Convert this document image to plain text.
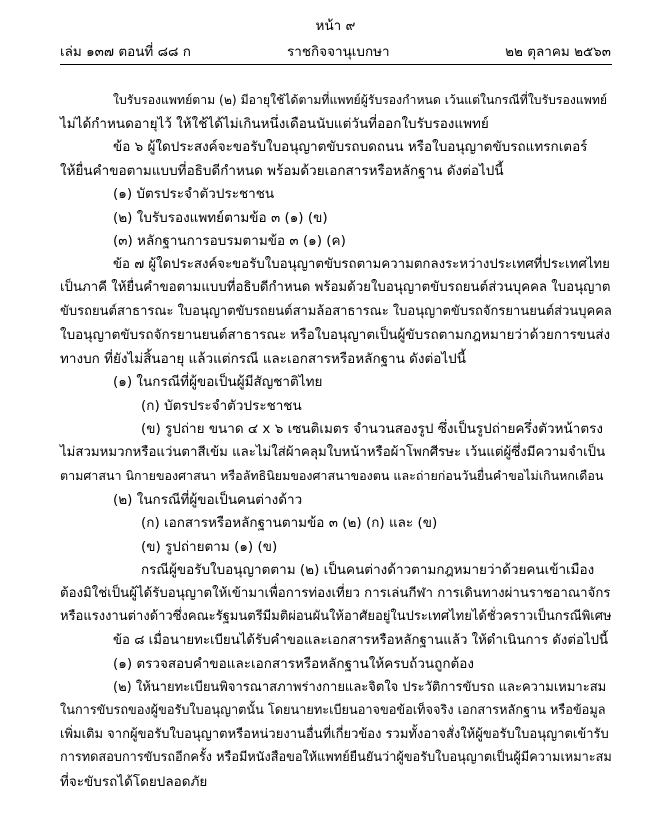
หน้า ๙
เล่ม ๑๓๗ ตอนที่ ๘๘ ก	ราชกิจจานุเบกษา	๒๒ ตุลาคม ๒๕๖๓
ใบรับรองแพทย์ตาม (๒) มีอายุใช้ได้ตามที่แพทย์ผู้รับรองกำหนด เว้นแต่ในกรณีที่ใบรับรองแพทย์
ไม่ได้กำหนดอายุไว้ ให้ใช้ได้ไม่เกินหนึ่งเดือนนับแต่วันที่ออกใบรับรองแพทย์
ข้อ ๖ ผู้ใดประสงค์จะขอรับใบอนุญาตขับรถบดถนน หรือใบอนุญาตขับรถแทรกเตอร์
ให้ยื่นคำขอตามแบบที่อธิบดีกำหนด พร้อมด้วยเอกสารหรือหลักฐาน ดังต่อไปนี้
(๑) บัตรประจำตัวประชาชน
(๒) ใบรับรองแพทย์ตามข้อ ๓ (๑) (ข)
(๓) หลักฐานการอบรมตามข้อ ๓ (๑) (ค)
ข้อ ๗ ผู้ใดประสงค์จะขอรับใบอนุญาตขับรถตามความตกลงระหว่างประเทศที่ประเทศไทย
เป็นภาคี ให้ยื่นคำขอตามแบบที่อธิบดีกำหนด พร้อมด้วยใบอนุญาตขับรถยนต์ส่วนบุคคล ใบอนุญาต
ขับรถยนต์สาธารณะ ใบอนุญาตขับรถยนต์สามล้อสาธารณะ ใบอนุญาตขับรถจักรยานยนต์ส่วนบุคคล
ใบอนุญาตขับรถจักรยานยนต์สาธารณะ หรือใบอนุญาตเป็นผู้ขับรถตามกฎหมายว่าด้วยการขนส่ง
ทางบก ที่ยังไม่สิ้นอายุ แล้วแต่กรณี และเอกสารหรือหลักฐาน ดังต่อไปนี้
(๑) ในกรณีที่ผู้ขอเป็นผู้มีสัญชาติไทย
(ก) บัตรประจำตัวประชาชน
(ข) รูปถ่าย ขนาด ๔ x ๖ เซนติเมตร จำนวนสองรูป ซึ่งเป็นรูปถ่ายครึ่งตัวหน้าตรง
ไม่สวมหมวกหรือแว่นตาสีเข้ม และไม่ใส่ผ้าคลุมใบหน้าหรือผ้าโพกศีรษะ เว้นแต่ผู้ซึ่งมีความจำเป็น
ตามศาสนา นิกายของศาสนา หรือลัทธินิยมของศาสนาของตน และถ่ายก่อนวันยื่นคำขอไม่เกินหกเดือน
(๒) ในกรณีที่ผู้ขอเป็นคนต่างด้าว
(ก) เอกสารหรือหลักฐานตามข้อ ๓ (๒) (ก) และ (ข)
(ข) รูปถ่ายตาม (๑) (ข)
กรณีผู้ขอรับใบอนุญาตตาม (๒) เป็นคนต่างด้าวตามกฎหมายว่าด้วยคนเข้าเมือง
ต้องมิใช่เป็นผู้ได้รับอนุญาตให้เข้ามาเพื่อการท่องเที่ยว การเล่นกีฬา การเดินทางผ่านราชอาณาจักร
หรือแรงงานต่างด้าวซึ่งคณะรัฐมนตรีมีมติผ่อนผันให้อาศัยอยู่ในประเทศไทยได้ชั่วคราวเป็นกรณีพิเศษ
ข้อ ๘ เมื่อนายทะเบียนได้รับคำขอและเอกสารหรือหลักฐานแล้ว ให้ดำเนินการ ดังต่อไปนี้
(๑) ตรวจสอบคำขอและเอกสารหรือหลักฐานให้ครบถ้วนถูกต้อง
(๒) ให้นายทะเบียนพิจารณาสภาพร่างกายและจิตใจ ประวัติการขับรถ และความเหมาะสม
ในการขับรถของผู้ขอรับใบอนุญาตนั้น โดยนายทะเบียนอาจขอข้อเท็จจริง เอกสารหลักฐาน หรือข้อมูล
เพิ่มเติม จากผู้ขอรับใบอนุญาตหรือหน่วยงานอื่นที่เกี่ยวข้อง รวมทั้งอาจสั่งให้ผู้ขอรับใบอนุญาตเข้ารับ
การทดสอบการขับรถอีกครั้ง หรือมีหนังสือขอให้แพทย์ยืนยันว่าผู้ขอรับใบอนุญาตเป็นผู้มีความเหมาะสม
ที่จะขับรถได้โดยปลอดภัย
